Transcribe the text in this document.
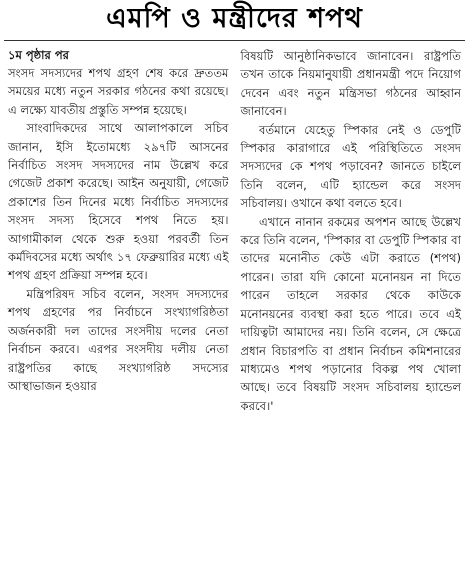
এমপি ও মন্ত্রীদের শপথ
১ম পৃষ্ঠার পর

সংসদ সদস্যদের শপথ গ্রহণ শেষ করে দ্রুততম সময়ের মধ্যে নতুন সরকার গঠনের কথা রয়েছে। এ লক্ষ্যে যাবতীয় প্রস্তুতি সম্পন্ন হয়েছে।

সাংবাদিকদের সাথে আলাপকালে সচিব জানান, ইসি ইতোমধ্যে ২৯৭টি আসনের নির্বাচিত সংসদ সদস্যদের নাম উল্লেখ করে গেজেট প্রকাশ করেছে। আইন অনুযায়ী, গেজেট প্রকাশের তিন দিনের মধ্যে নির্বাচিত সদস্যদের সংসদ সদস্য হিসেবে শপথ নিতে হয়। আগামীকাল থেকে শুরু হওয়া পরবর্তী তিন কর্মদিবসের মধ্যে অর্থাৎ ১৭ ফেব্রুয়ারির মধ্যে এই শপথ গ্রহণ প্রক্রিয়া সম্পন্ন হবে।

মন্ত্রিপরিষদ সচিব বলেন, সংসদ সদস্যদের শপথ গ্রহণের পর নির্বাচনে সংখ্যাগরিষ্ঠতা অর্জনকারী দল তাদের সংসদীয় দলের নেতা নির্বাচন করবে। এরপর সংসদীয় দলীয় নেতা রাষ্ট্রপতির কাছে সংখ্যাগরিষ্ঠ সদস্যের আস্থাভাজন হওয়ার

বিষয়টি আনুষ্ঠানিকভাবে জানাবেন। রাষ্ট্রপতি তখন তাকে নিয়মানুযায়ী প্রধানমন্ত্রী পদে নিয়োগ দেবেন এবং নতুন মন্ত্রিসভা গঠনের আহ্বান জানাবেন।

বর্তমানে যেহেতু স্পিকার নেই ও ডেপুটি স্পিকার কারাগারে এই পরিস্থিতিতে সংসদ সদস্যদের কে শপথ পড়াবেন? জানতে চাইলে তিনি বলেন, এটি হ্যান্ডেল করে সংসদ সচিবালয়। ওখানে কথা বলতে হবে।

এখানে নানান রকমের অপশন আছে উল্লেখ করে তিনি বলেন, 'স্পিকার বা ডেপুটি স্পিকার বা তাদের মনোনীত কেউ এটা করাতে (শপথ) পারেন। তারা যদি কোনো মনোনয়ন না দিতে পারেন তাহলে সরকার থেকে কাউকে মনোনয়নের ব্যবস্থা করা হতে পারে। তবে এই দায়িত্বটা আমাদের নয়। তিনি বলেন, সে ক্ষেত্রে প্রধান বিচারপতি বা প্রধান নির্বাচন কমিশনারের মাধ্যমেও শপথ পড়ানোর বিকল্প পথ খোলা আছে। তবে বিষয়টি সংসদ সচিবালয় হ্যান্ডেল করবে।'
